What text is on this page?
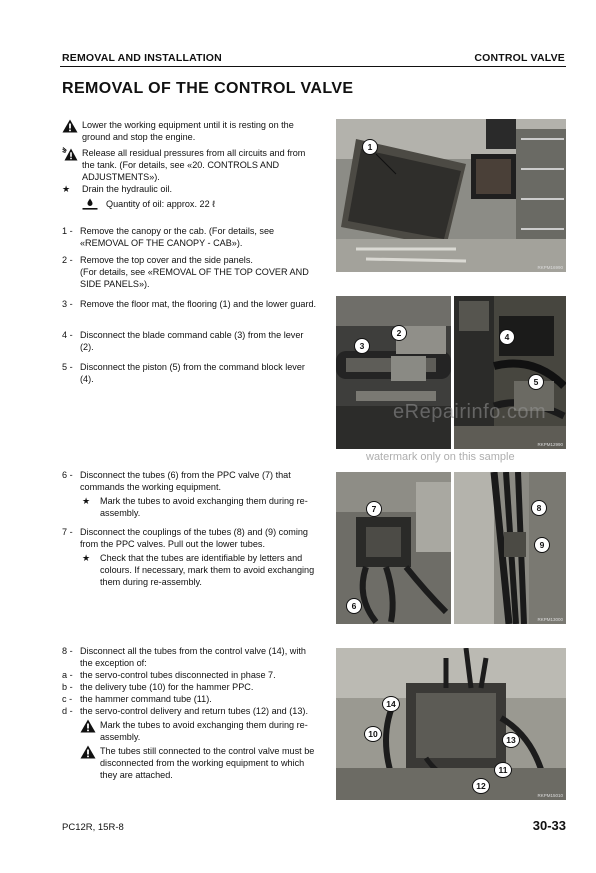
REMOVAL AND INSTALLATION	CONTROL VALVE
REMOVAL OF THE CONTROL VALVE
Lower the working equipment until it is resting on the ground and stop the engine.
Release all residual pressures from all circuits and from the tank. (For details, see «20. CONTROLS AND ADJUSTMENTS»).
★	Drain the hydraulic oil.
Quantity of oil: approx. 22 ℓ
1 - Remove the canopy or the cab. (For details, see «REMOVAL OF THE CANOPY - CAB»).
2 - Remove the top cover and the side panels.
(For details, see «REMOVAL OF THE TOP COVER AND SIDE PANELS»).
3 - Remove the floor mat, the flooring (1) and the lower guard.
4 - Disconnect the blade command cable (3) from the lever (2).
5 - Disconnect the piston (5) from the command block lever (4).
6 - Disconnect the tubes (6) from the PPC valve (7) that commands the working equipment.
★	Mark the tubes to avoid exchanging them during re-assembly.
7 - Disconnect the couplings of the tubes (8) and (9) coming from the PPC valves. Pull out the lower tubes.
★	Check that the tubes are identifiable by letters and colours. If necessary, mark them to avoid exchanging them during re-assembly.
8 - Disconnect all the tubes from the control valve (14), with the exception of:
a - the servo-control tubes disconnected in phase 7.
b - the delivery tube (10) for the hammer PPC.
c - the hammer command tube (11).
d - the servo-control delivery and return tubes (12) and (13).
Mark the tubes to avoid exchanging them during re-assembly.
The tubes still connected to the control valve must be disconnected from the working equipment to which they are attached.
1
RKPM16990
2
3
4
5
RKPM12990
7
6
8
9
RKPM13000
14
10
13
11
12
RKPM15010
eRepairinfo.com
watermark only on this sample
PC12R, 15R-8	30-33
